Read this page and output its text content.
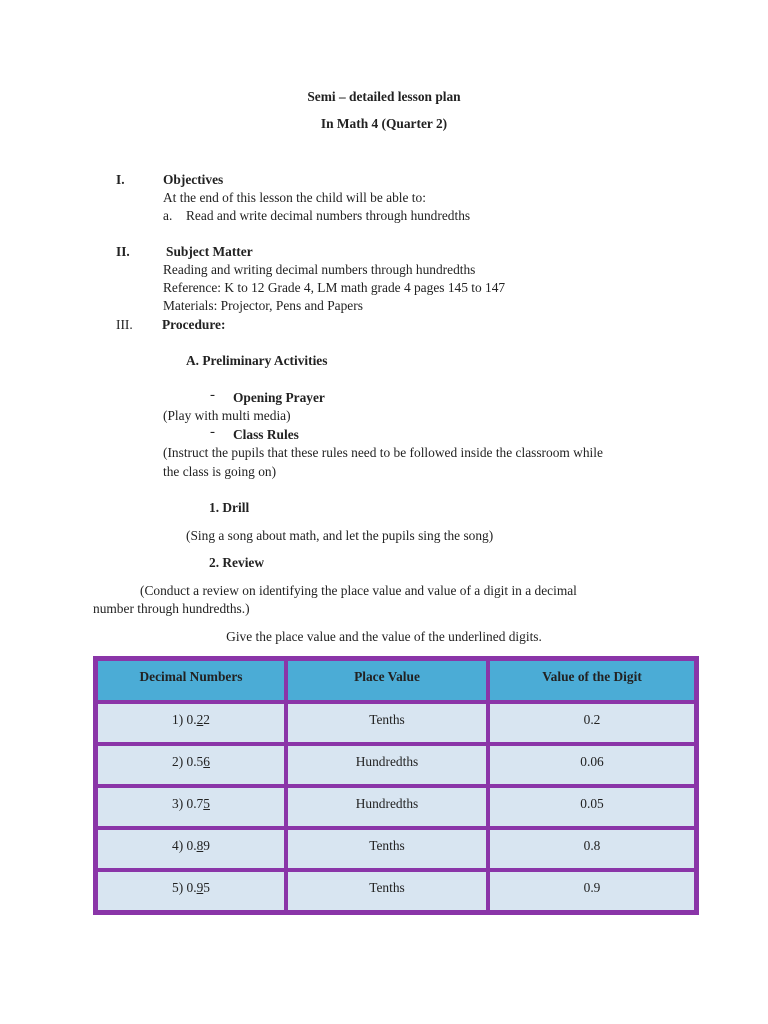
Semi – detailed lesson plan
In Math 4 (Quarter 2)
I.	Objectives
At the end of this lesson the child will be able to:
a. Read and write decimal numbers through hundredths
II.	Subject Matter
Reading and writing decimal numbers through hundredths
Reference: K to 12 Grade 4, LM math grade 4 pages 145 to 147
Materials: Projector, Pens and Papers
III. Procedure:
A. Preliminary Activities
- Opening Prayer
(Play with multi media)
- Class Rules
(Instruct the pupils that these rules need to be followed inside the classroom while
the class is going on)
1. Drill
(Sing a song about math, and let the pupils sing the song)
2. Review
(Conduct a review on identifying the place value and value of a digit in a decimal
number through hundredths.)
Give the place value and the value of the underlined digits.
Decimal Numbers	Place Value	Value of the Digit
1) 0.22	Tenths	0.2
2) 0.56	Hundredths	0.06
3) 0.75	Hundredths	0.05
4) 0.89	Tenths	0.8
5) 0.95	Tenths	0.9
